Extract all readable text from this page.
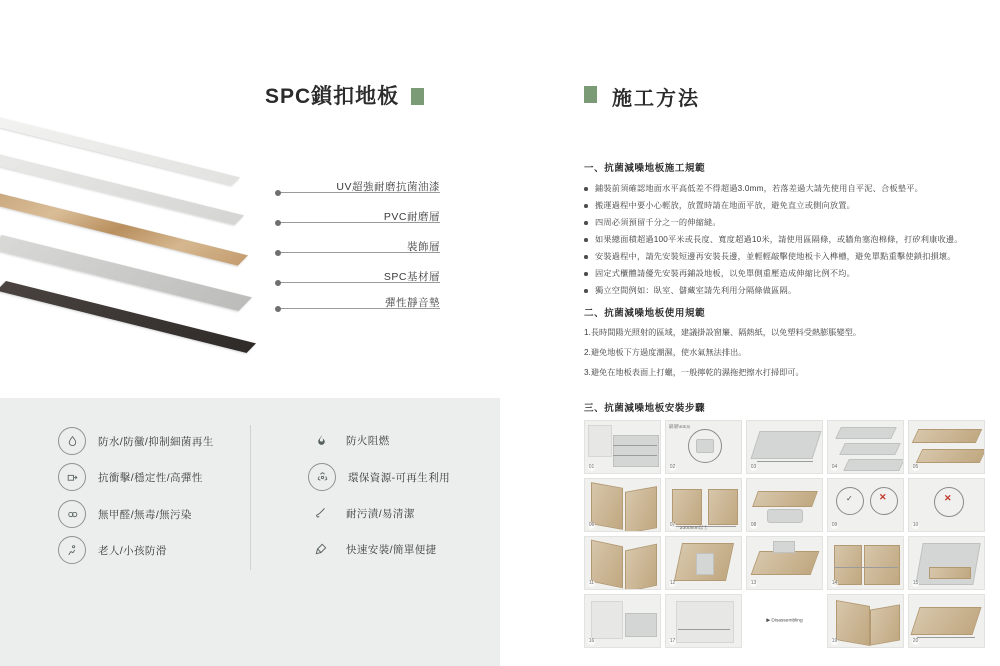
SPC鎖扣地板
UV超強耐磨抗菌油漆
PVC耐磨層
裝飾層
SPC基材層
彈性靜音墊
防水/防黴/抑制細菌再生
抗衝擊/穩定性/高彈性
無甲醛/無毒/無污染
老人/小孩防滑
防火阻燃
環保資源-可再生利用
耐污漬/易清潔
快速安裝/簡單便捷
施工方法
一、抗菌減噪地板施工規範
鋪裝前須確認地面水平高低差不得超過3.0mm，若落差過大請先使用自平泥、合板墊平。
搬運過程中要小心輕放，放置時請在地面平放，避免直立或側向放置。
四周必須預留千分之一的伸縮縫。
如果總面積超過100平米或長度、寬度超過10米，請使用區隔條，或牆角塞泡棉條，打矽利康收邊。
安裝過程中，請先安裝短邊再安裝長邊，並輕輕敲擊使地板卡入榫槽，避免單點重擊使鎖扣損壞。
固定式櫃體請優先安裝再鋪設地板，以免單側重壓造成伸縮比例不均。
獨立空間例如：臥室、儲藏室請先利用分隔條做區隔。
二、抗菌減噪地板使用規範

1.長時間陽光照射的區域，建議掛設窗簾、隔熱紙，以免塑料受熱膨脹變型。

2.避免地板下方過度潮濕，使水氣無法排出。

3.避免在地板表面上打蠟，一般擰乾的濕拖把擦水打掃即可。

三、抗菌減噪地板安裝步驟
01
隔層\n3㎝
02	03	04	05
06	≥300mm以上
07	08
✓	✕
09
✕
10
11	12	13	14	15
16	17
▶ Disassembling
19	20
